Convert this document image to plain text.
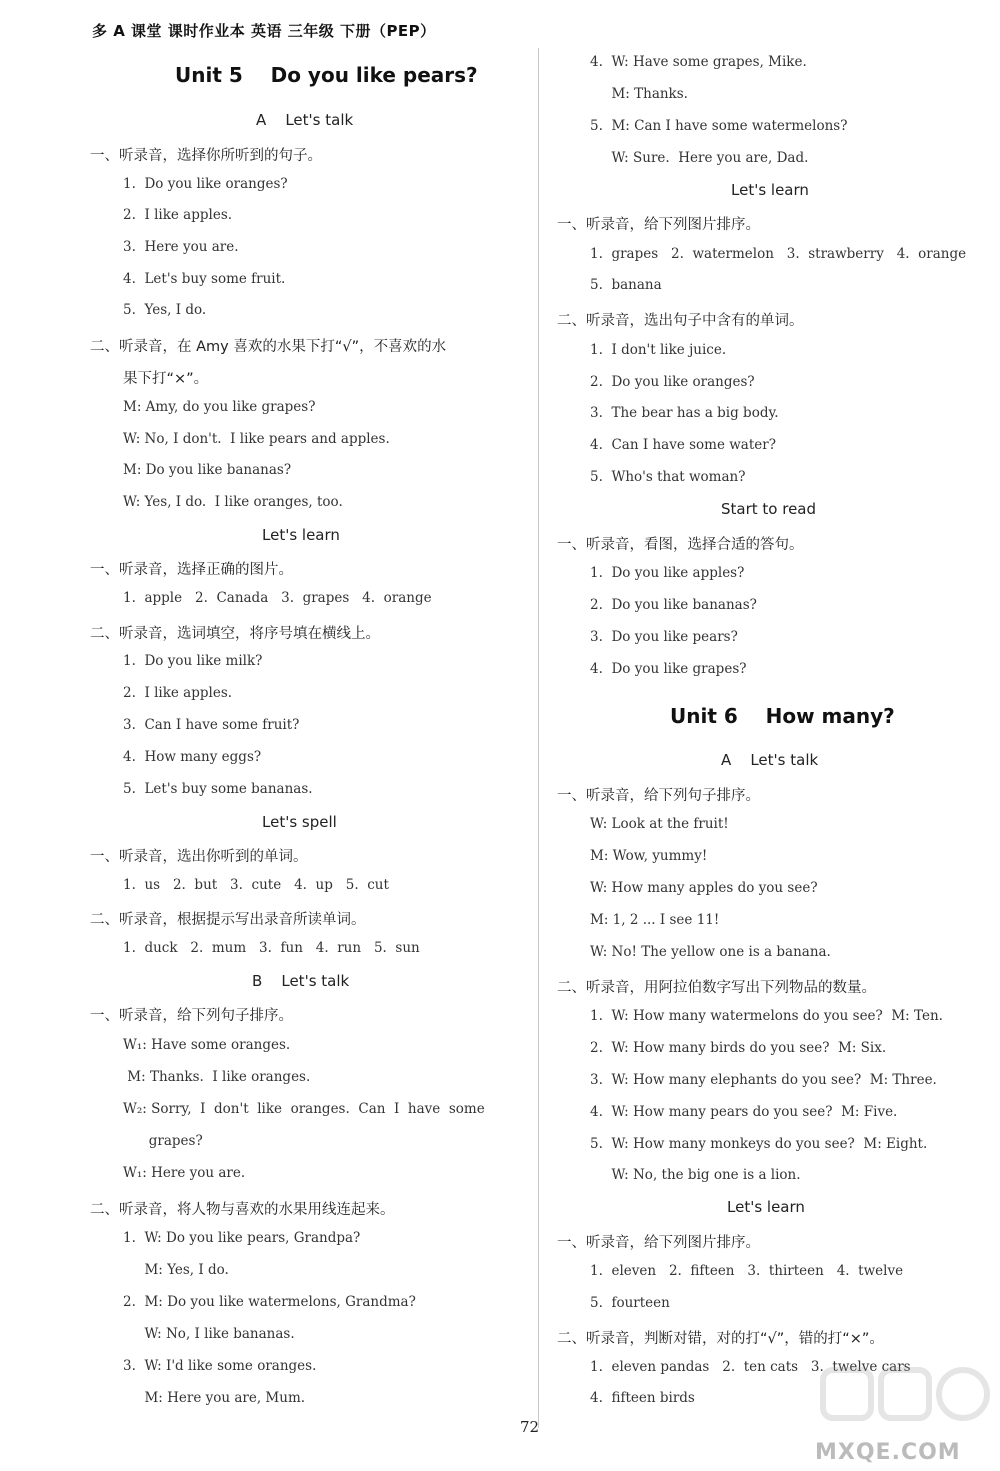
多 A 课堂 课时作业本 英语 三年级 下册（PEP）
Unit 5    Do you like pears?
A    Let's talk
一、听录音，选择你所听到的句子。
1.  Do you like oranges?
2.  I like apples.
3.  Here you are.
4.  Let's buy some fruit.
5.  Yes, I do.
二、听录音，在 Amy 喜欢的水果下打“√”，不喜欢的水
果下打“×”。
M: Amy, do you like grapes?
W: No, I don't.  I like pears and apples.
M: Do you like bananas?
W: Yes, I do.  I like oranges, too.
Let's learn
一、听录音，选择正确的图片。
1.  apple   2.  Canada   3.  grapes   4.  orange
二、听录音，选词填空，将序号填在横线上。
1.  Do you like milk?
2.  I like apples.
3.  Can I have some fruit?
4.  How many eggs?
5.  Let's buy some bananas.
Let's spell
一、听录音，选出你听到的单词。
1.  us   2.  but   3.  cute   4.  up   5.  cut
二、听录音，根据提示写出录音所读单词。
1.  duck   2.  mum   3.  fun   4.  run   5.  sun
B    Let's talk
一、听录音，给下列句子排序。
W₁: Have some oranges.
M: Thanks.  I like oranges.
W₂: Sorry,  I  don't  like  oranges.  Can  I  have  some
grapes?
W₁: Here you are.
二、听录音，将人物与喜欢的水果用线连起来。
1.  W: Do you like pears, Grandpa?
M: Yes, I do.
2.  M: Do you like watermelons, Grandma?
W: No, I like bananas.
3.  W: I'd like some oranges.
M: Here you are, Mum.
4.  W: Have some grapes, Mike.
M: Thanks.
5.  M: Can I have some watermelons?
W: Sure.  Here you are, Dad.
Let's learn
一、听录音，给下列图片排序。
1.  grapes   2.  watermelon   3.  strawberry   4.  orange
5.  banana
二、听录音，选出句子中含有的单词。
1.  I don't like juice.
2.  Do you like oranges?
3.  The bear has a big body.
4.  Can I have some water?
5.  Who's that woman?
Start to read
一、听录音，看图，选择合适的答句。
1.  Do you like apples?
2.  Do you like bananas?
3.  Do you like pears?
4.  Do you like grapes?
Unit 6    How many?
A    Let's talk
一、听录音，给下列句子排序。
W: Look at the fruit!
M: Wow, yummy!
W: How many apples do you see?
M: 1, 2 ... I see 11!
W: No! The yellow one is a banana.
二、听录音，用阿拉伯数字写出下列物品的数量。
1.  W: How many watermelons do you see?  M: Ten.
2.  W: How many birds do you see?  M: Six.
3.  W: How many elephants do you see?  M: Three.
4.  W: How many pears do you see?  M: Five.
5.  W: How many monkeys do you see?  M: Eight.
W: No, the big one is a lion.
Let's learn
一、听录音，给下列图片排序。
1.  eleven   2.  fifteen   3.  thirteen   4.  twelve
5.  fourteen
二、听录音，判断对错，对的打“√”，错的打“×”。
1.  eleven pandas   2.  ten cats   3.  twelve cars
4.  fifteen birds
72
MXQE.COM
